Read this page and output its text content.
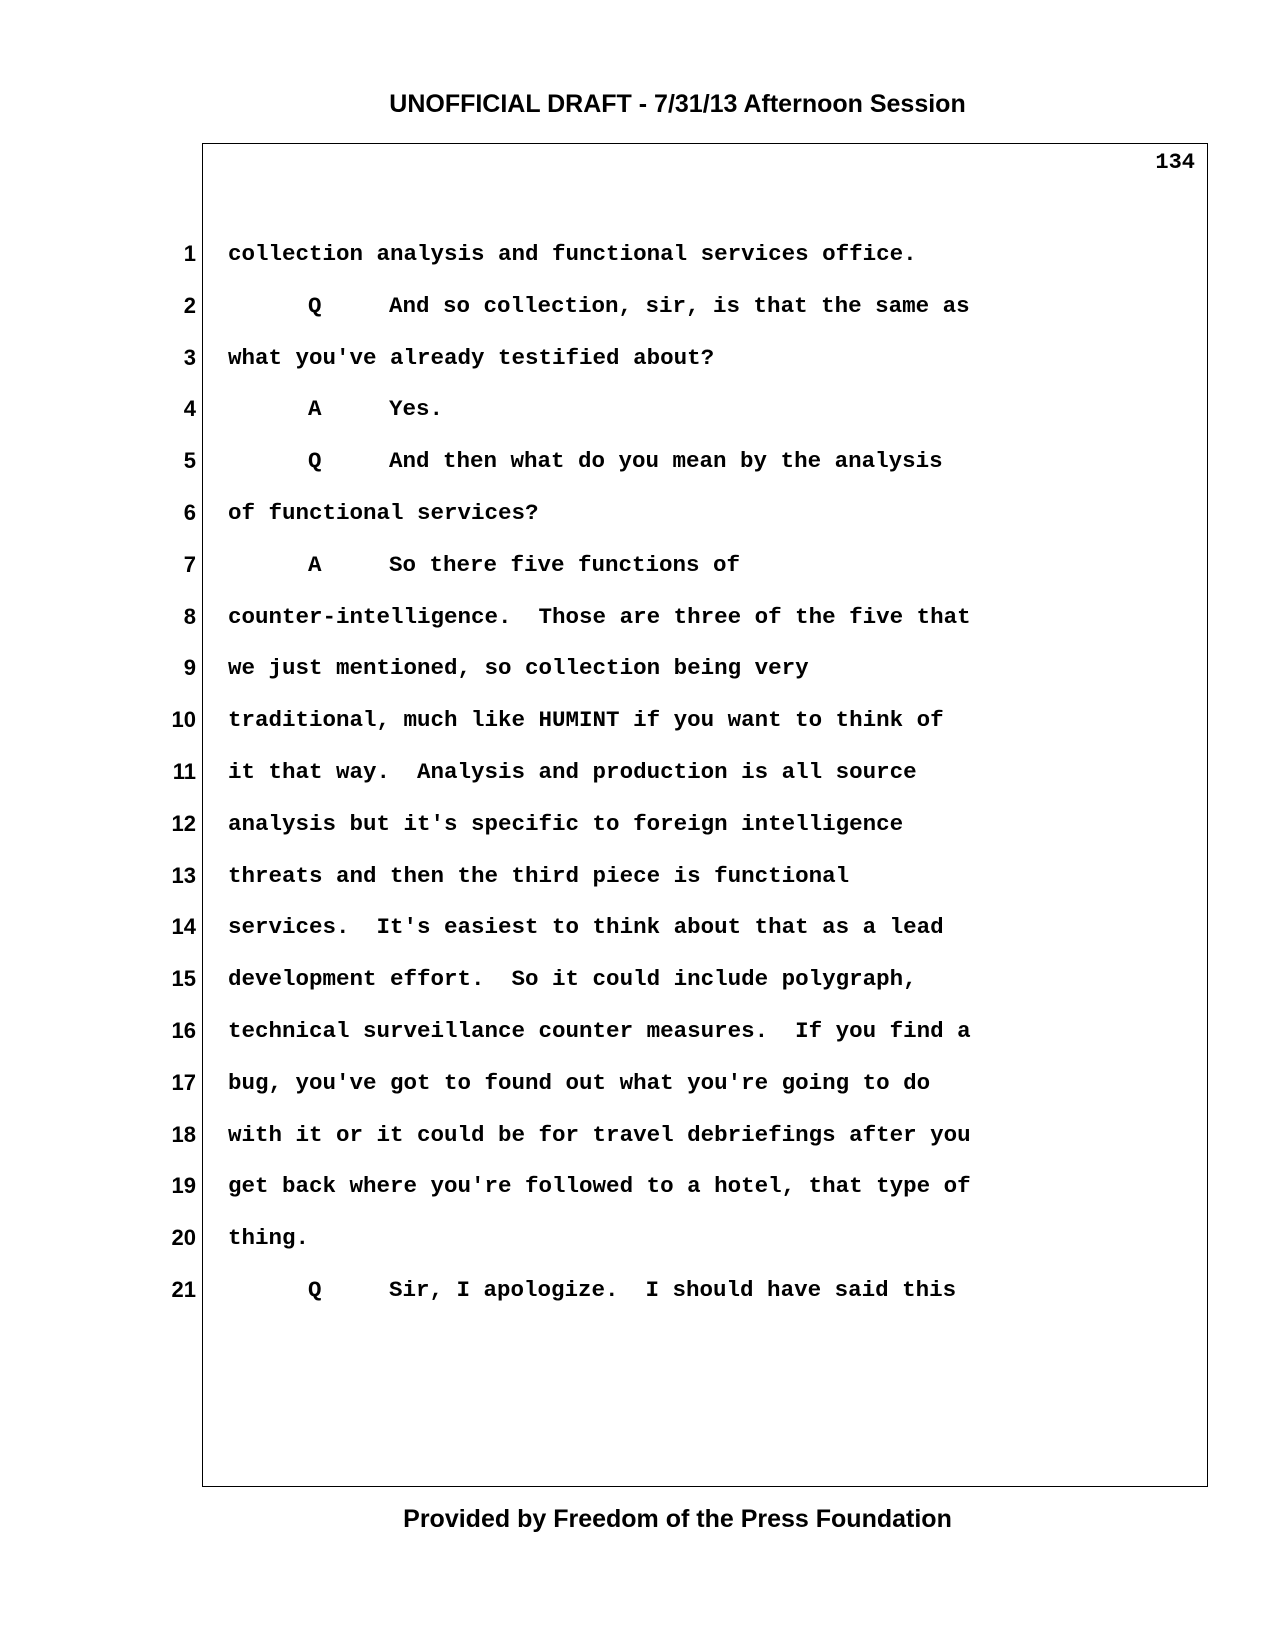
UNOFFICIAL DRAFT - 7/31/13 Afternoon Session
134
1 collection analysis and functional services office.
2	Q	And so collection, sir, is that the same as
3 what you've already testified about?
4	A	Yes.
5	Q	And then what do you mean by the analysis
6 of functional services?
7	A	So there five functions of
8 counter-intelligence.  Those are three of the five that
9 we just mentioned, so collection being very
10 traditional, much like HUMINT if you want to think of
11 it that way.  Analysis and production is all source
12 analysis but it's specific to foreign intelligence
13 threats and then the third piece is functional
14 services.  It's easiest to think about that as a lead
15 development effort.  So it could include polygraph,
16 technical surveillance counter measures.  If you find a
17 bug, you've got to found out what you're going to do
18 with it or it could be for travel debriefings after you
19 get back where you're followed to a hotel, that type of
20 thing.
21	Q	Sir, I apologize.  I should have said this
Provided by Freedom of the Press Foundation
